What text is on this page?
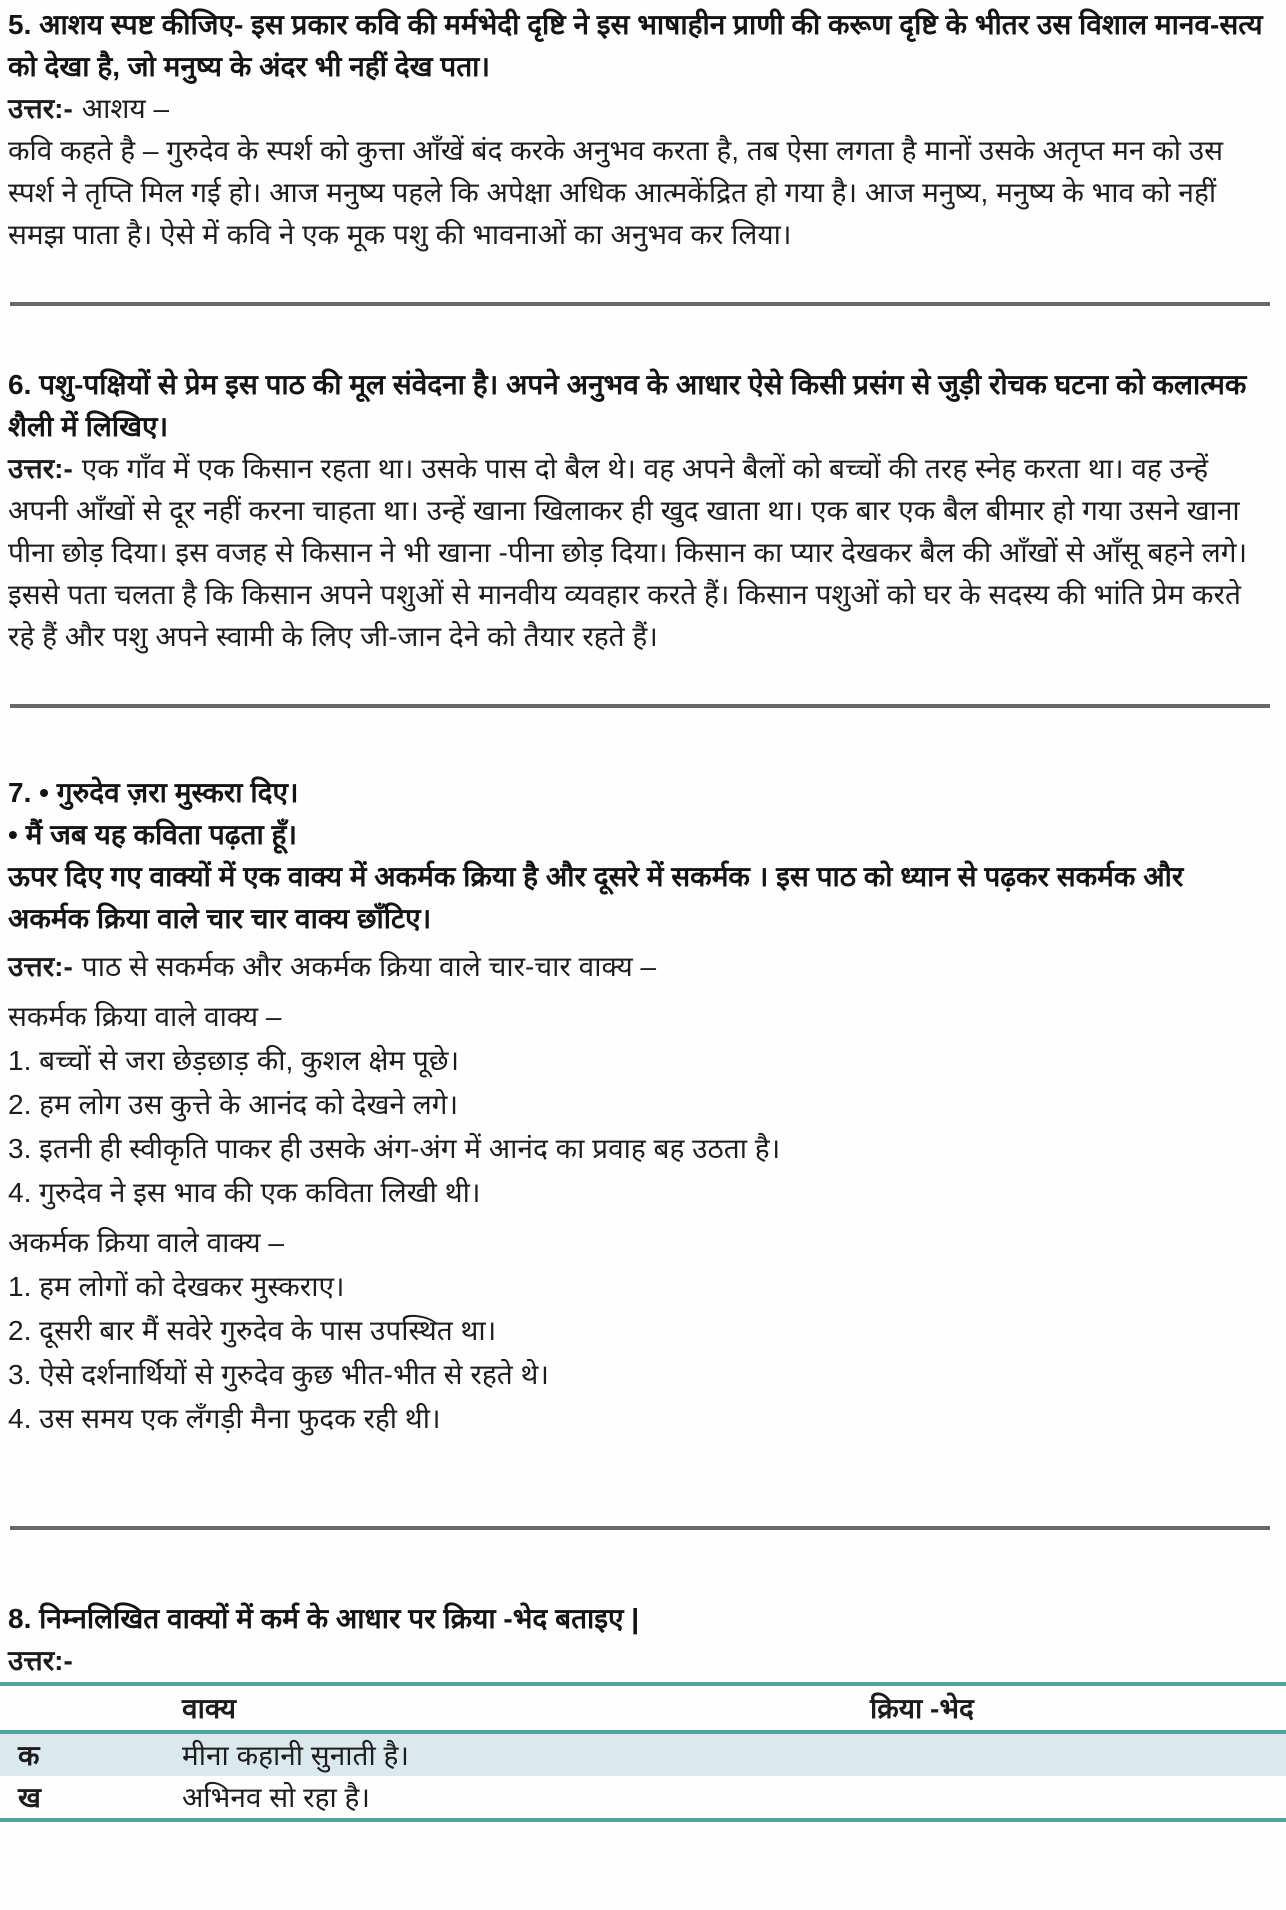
5. आशय स्पष्ट कीजिए- इस प्रकार कवि की मर्मभेदी दृष्टि ने इस भाषाहीन प्राणी की करूण दृष्टि के भीतर उस विशाल मानव-सत्य को देखा है, जो मनुष्य के अंदर भी नहीं देख पता।

उत्तर:- आशय –

कवि कहते है – गुरुदेव के स्पर्श को कुत्ता आँखें बंद करके अनुभव करता है, तब ऐसा लगता है मानों उसके अतृप्त मन को उस स्पर्श ने तृप्ति मिल गई हो। आज मनुष्य पहले कि अपेक्षा अधिक आत्मकेंद्रित हो गया है। आज मनुष्य, मनुष्य के भाव को नहीं समझ पाता है। ऐसे में कवि ने एक मूक पशु की भावनाओं का अनुभव कर लिया।

6. पशु-पक्षियों से प्रेम इस पाठ की मूल संवेदना है। अपने अनुभव के आधार ऐसे किसी प्रसंग से जुड़ी रोचक घटना को कलात्मक शैली में लिखिए।

उत्तर:- एक गाँव में एक किसान रहता था। उसके पास दो बैल थे। वह अपने बैलों को बच्चों की तरह स्नेह करता था। वह उन्हें अपनी आँखों से दूर नहीं करना चाहता था। उन्हें खाना खिलाकर ही खुद खाता था। एक बार एक बैल बीमार हो गया उसने खाना पीना छोड़ दिया। इस वजह से किसान ने भी खाना -पीना छोड़ दिया। किसान का प्यार देखकर बैल की आँखों से आँसू बहने लगे। इससे पता चलता है कि किसान अपने पशुओं से मानवीय व्यवहार करते हैं। किसान पशुओं को घर के सदस्य की भांति प्रेम करते रहे हैं और पशु अपने स्वामी के लिए जी-जान देने को तैयार रहते हैं।

7. • गुरुदेव ज़रा मुस्करा दिए।

• मैं जब यह कविता पढ़ता हूँ।

ऊपर दिए गए वाक्यों में एक वाक्य में अकर्मक क्रिया है और दूसरे में सकर्मक । इस पाठ को ध्यान से पढ़कर सकर्मक और अकर्मक क्रिया वाले चार चार वाक्य छाँटिए।

उत्तर:- पाठ से सकर्मक और अकर्मक क्रिया वाले चार-चार वाक्य –

सकर्मक क्रिया वाले वाक्य –

1. बच्चों से जरा छेड़छाड़ की, कुशल क्षेम पूछे।

2. हम लोग उस कुत्ते के आनंद को देखने लगे।

3. इतनी ही स्वीकृति पाकर ही उसके अंग-अंग में आनंद का प्रवाह बह उठता है।

4. गुरुदेव ने इस भाव की एक कविता लिखी थी।

अकर्मक क्रिया वाले वाक्य –

1. हम लोगों को देखकर मुस्कराए।

2. दूसरी बार मैं सवेरे गुरुदेव के पास उपस्थित था।

3. ऐसे दर्शनार्थियों से गुरुदेव कुछ भीत-भीत से रहते थे।

4. उस समय एक लँगड़ी मैना फुदक रही थी।

8. निम्नलिखित वाक्यों में कर्म के आधार पर क्रिया -भेद बताइए |

उत्तर:-

	वाक्य	क्रिया -भेद
क	मीना कहानी सुनाती है।	
ख	अभिनव सो रहा है।	
